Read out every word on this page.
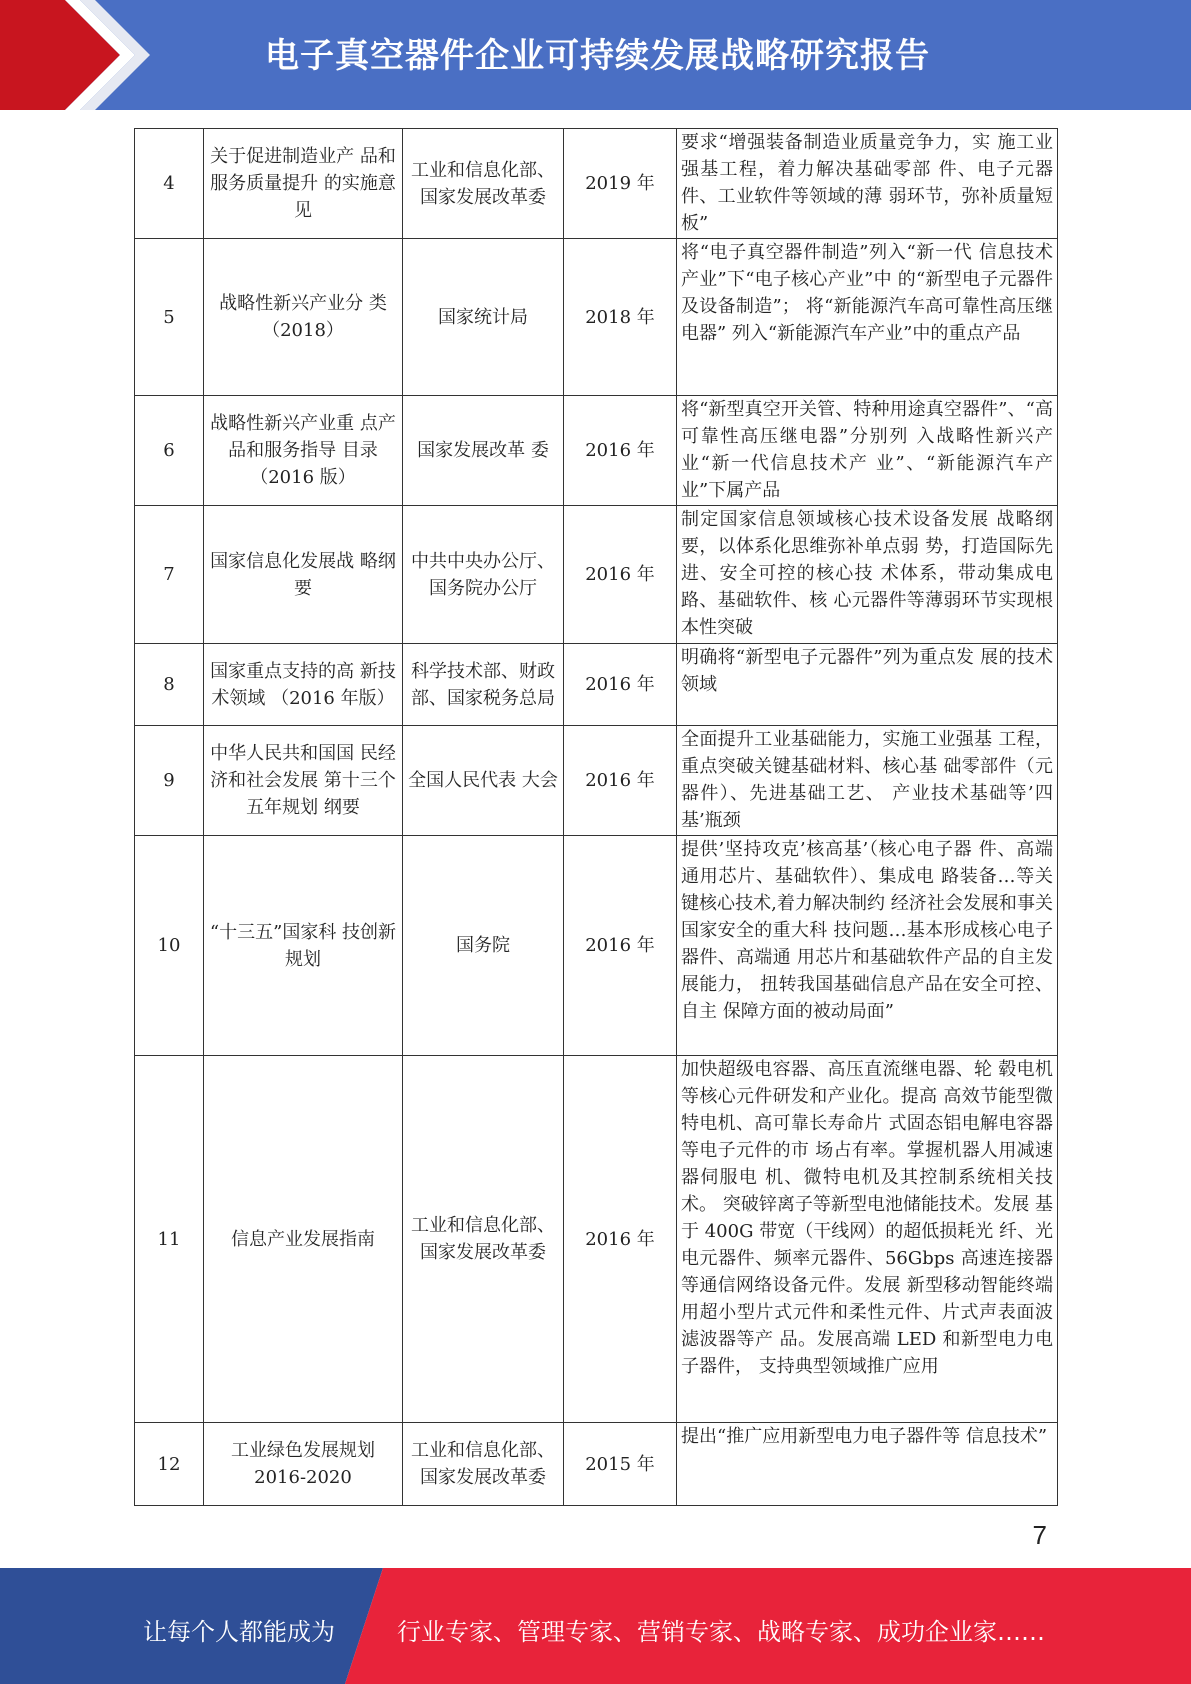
电子真空器件企业可持续发展战略研究报告
4	关于促进制造业产 品和服务质量提升 的实施意见	工业和信息化部、国家发展改革委	2019 年	要求“增强装备制造业质量竞争力，实 施工业强基工程，着力解决基础零部 件、电子元器件、工业软件等领域的薄 弱环节，弥补质量短板”
5	战略性新兴产业分 类（2018）	国家统计局	2018 年	将“电子真空器件制造”列入“新一代 信息技术产业”下“电子核心产业”中 的“新型电子元器件及设备制造”； 将“新能源汽车高可靠性高压继电器” 列入“新能源汽车产业”中的重点产品
6	战略性新兴产业重 点产品和服务指导 目录（2016 版）	国家发展改革 委	2016 年	将“新型真空开关管、特种用途真空器件”、“高可靠性高压继电器”分别列 入战略性新兴产业“新一代信息技术产 业”、“新能源汽车产业”下属产品
7	国家信息化发展战 略纲要	中共中央办公厅、国务院办公厅	2016 年	制定国家信息领域核心技术设备发展 战略纲要，以体系化思维弥补单点弱 势，打造国际先进、安全可控的核心技 术体系，带动集成电路、基础软件、核 心元器件等薄弱环节实现根本性突破
8	国家重点支持的高 新技术领域 （2016 年版）	科学技术部、财政部、国家税务总局	2016 年	明确将“新型电子元器件”列为重点发 展的技术领域
9	中华人民共和国国 民经济和社会发展 第十三个五年规划 纲要	全国人民代表 大会	2016 年	全面提升工业基础能力，实施工业强基 工程，重点突破关键基础材料、核心基 础零部件（元器件）、先进基础工艺、 产业技术基础等’四基’瓶颈
10	“十三五”国家科 技创新规划	国务院	2016 年	提供’坚持攻克’核高基’（核心电子器 件、高端通用芯片、基础软件）、集成电 路装备…等关键核心技术,着力解决制约 经济社会发展和事关国家安全的重大科 技问题…基本形成核心电子器件、高端通 用芯片和基础软件产品的自主发展能力， 扭转我国基础信息产品在安全可控、自主 保障方面的被动局面”
11	信息产业发展指南	工业和信息化部、国家发展改革委	2016 年	加快超级电容器、高压直流继电器、轮 毂电机等核心元件研发和产业化。提高 高效节能型微特电机、高可靠长寿命片 式固态铝电解电容器等电子元件的市 场占有率。掌握机器人用减速器伺服电 机、微特电机及其控制系统相关技术。 突破锌离子等新型电池储能技术。发展 基于 400G 带宽（干线网）的超低损耗光 纤、光电元器件、频率元器件、56Gbps 高速连接器等通信网络设备元件。发展 新型移动智能终端用超小型片式元件和柔性元件、片式声表面波滤波器等产 品。发展高端 LED 和新型电力电子器件， 支持典型领域推广应用
12	工业绿色发展规划 2016-2020	工业和信息化部、国家发展改革委	2015 年	提出“推广应用新型电力电子器件等 信息技术”
7
让每个人都能成为	行业专家、管理专家、营销专家、战略专家、成功企业家……
